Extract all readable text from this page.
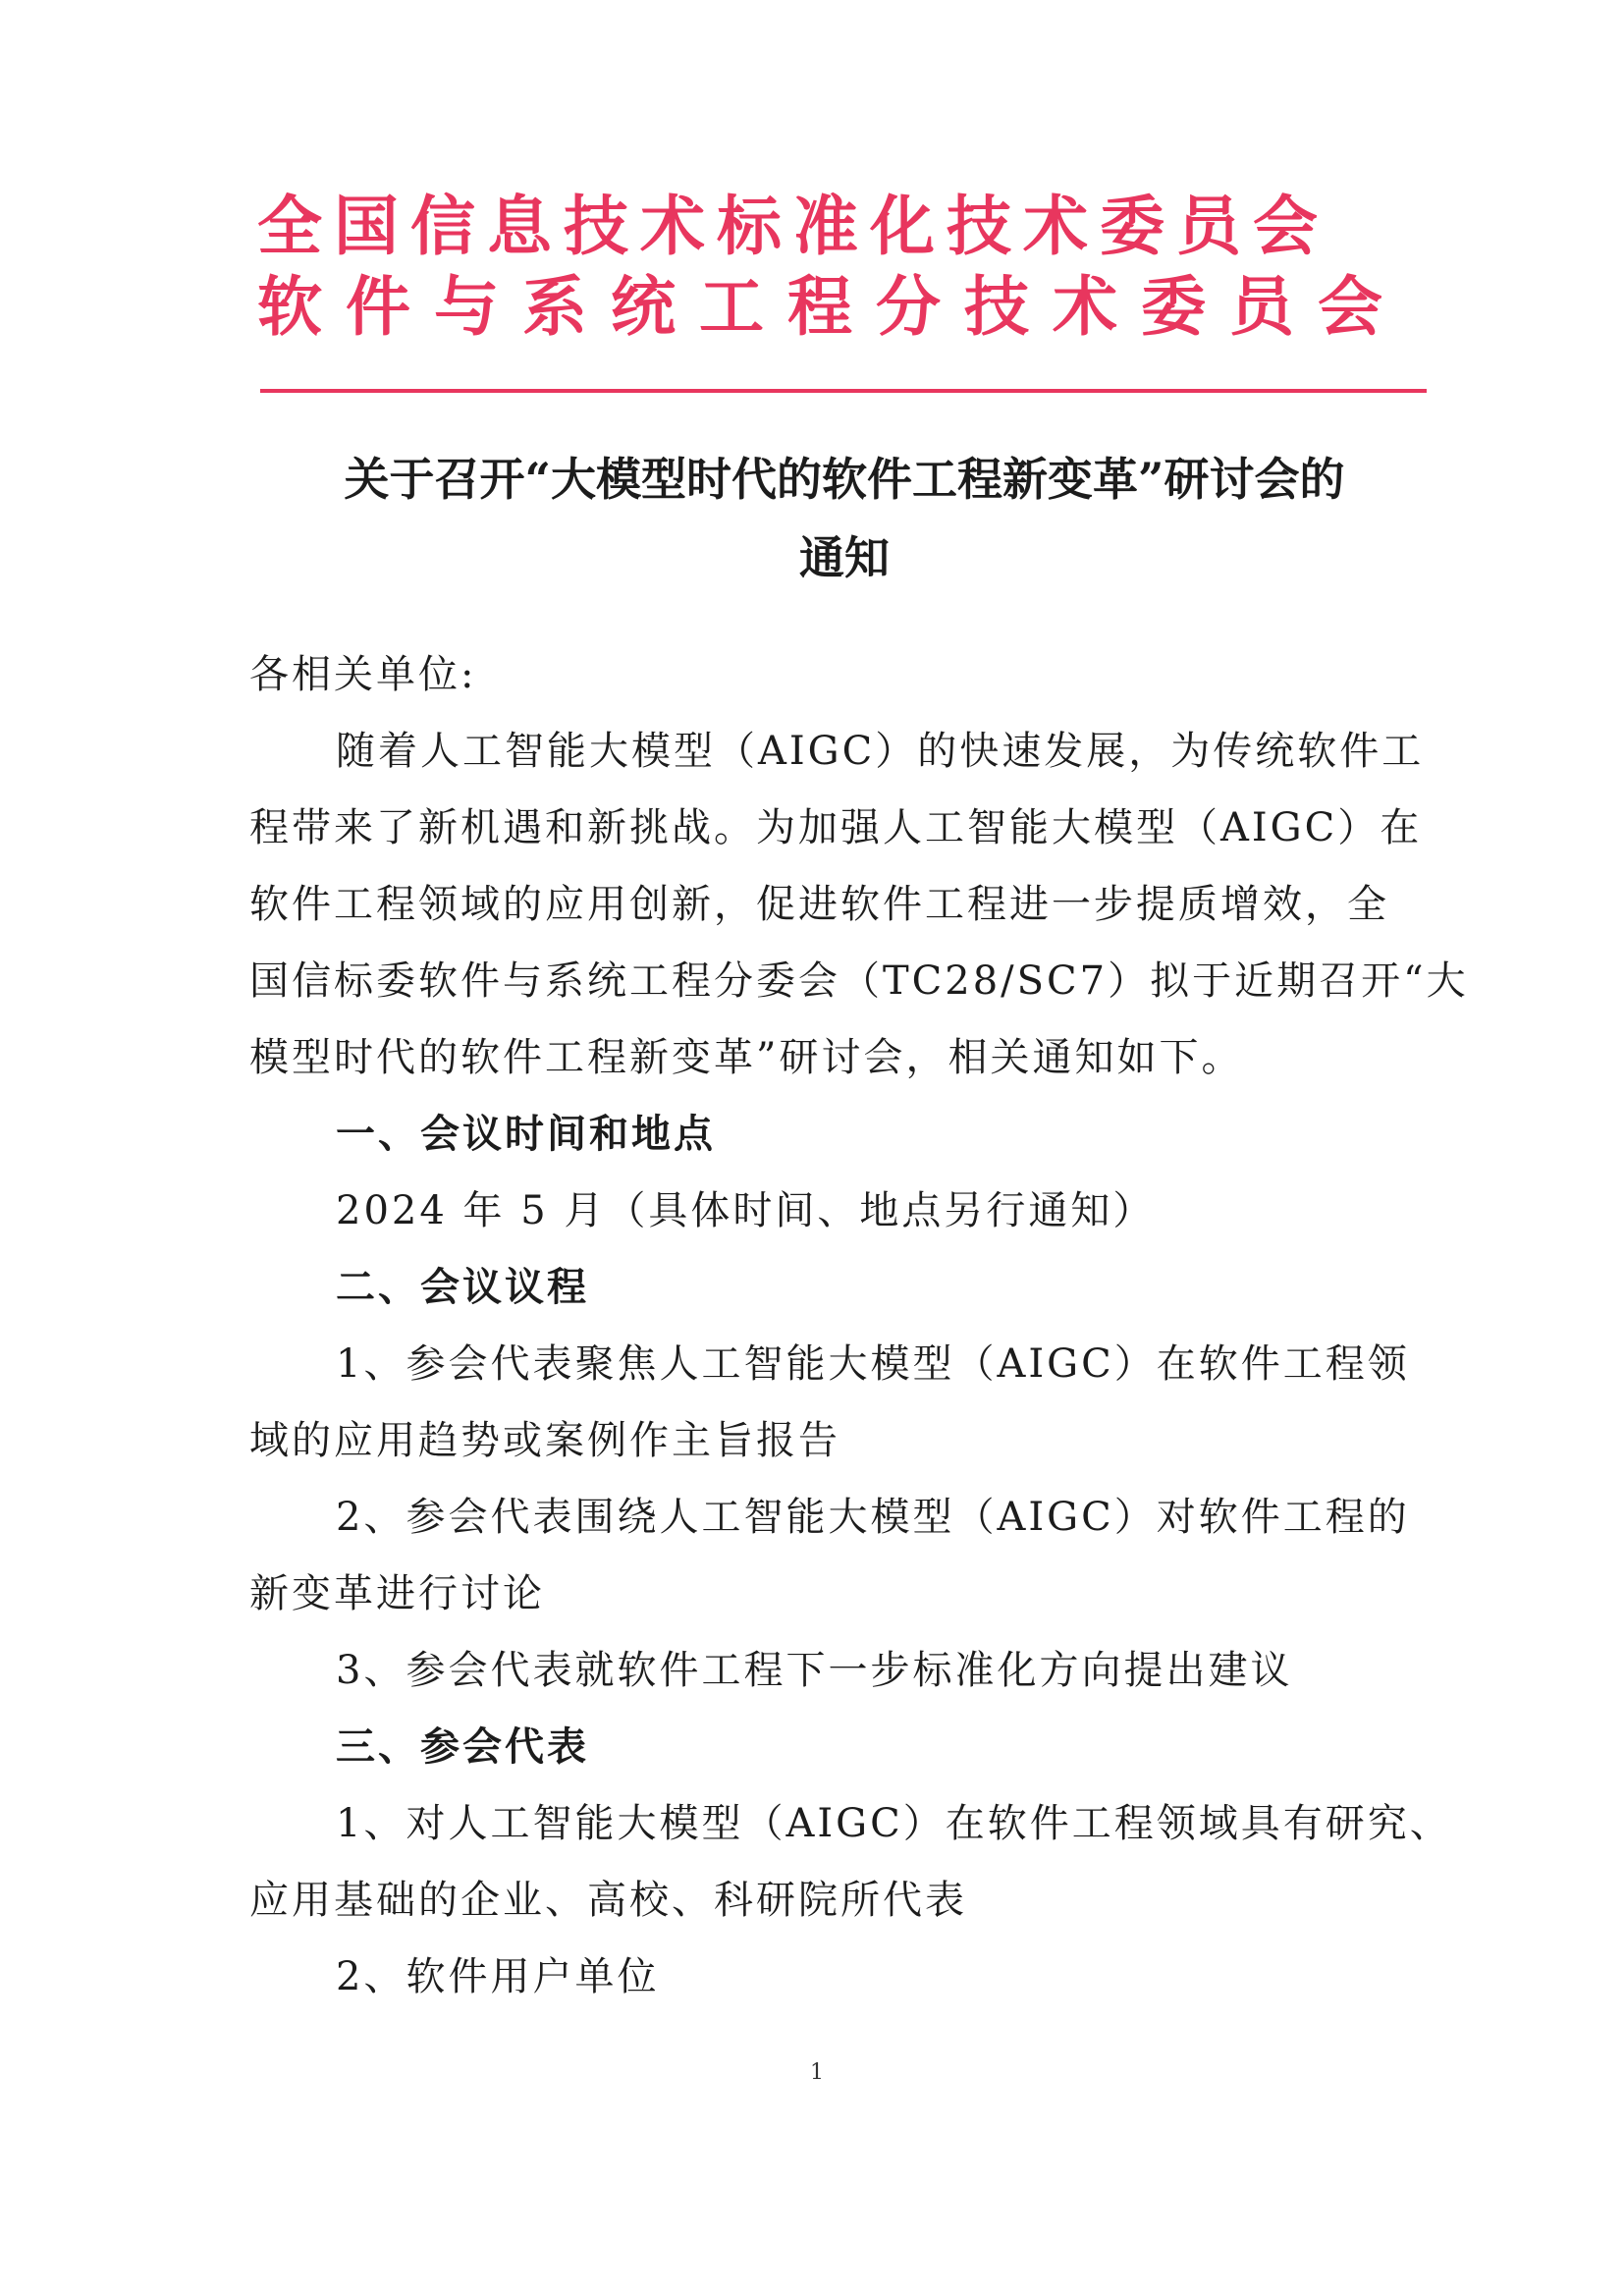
全国信息技术标准化技术委员会
软件与系统工程分技术委员会
关于召开“大模型时代的软件工程新变革”研讨会的
通知
各相关单位:
随着人工智能大模型（AIGC）的快速发展，为传统软件工
程带来了新机遇和新挑战。为加强人工智能大模型（AIGC）在
软件工程领域的应用创新，促进软件工程进一步提质增效，全
国信标委软件与系统工程分委会（TC28/SC7）拟于近期召开“大
模型时代的软件工程新变革”研讨会，相关通知如下。
一、会议时间和地点
2024 年 5 月（具体时间、地点另行通知）
二、会议议程
1、参会代表聚焦人工智能大模型（AIGC）在软件工程领
域的应用趋势或案例作主旨报告
2、参会代表围绕人工智能大模型（AIGC）对软件工程的
新变革进行讨论
3、参会代表就软件工程下一步标准化方向提出建议
三、参会代表
1、对人工智能大模型（AIGC）在软件工程领域具有研究、
应用基础的企业、高校、科研院所代表
2、软件用户单位
1
